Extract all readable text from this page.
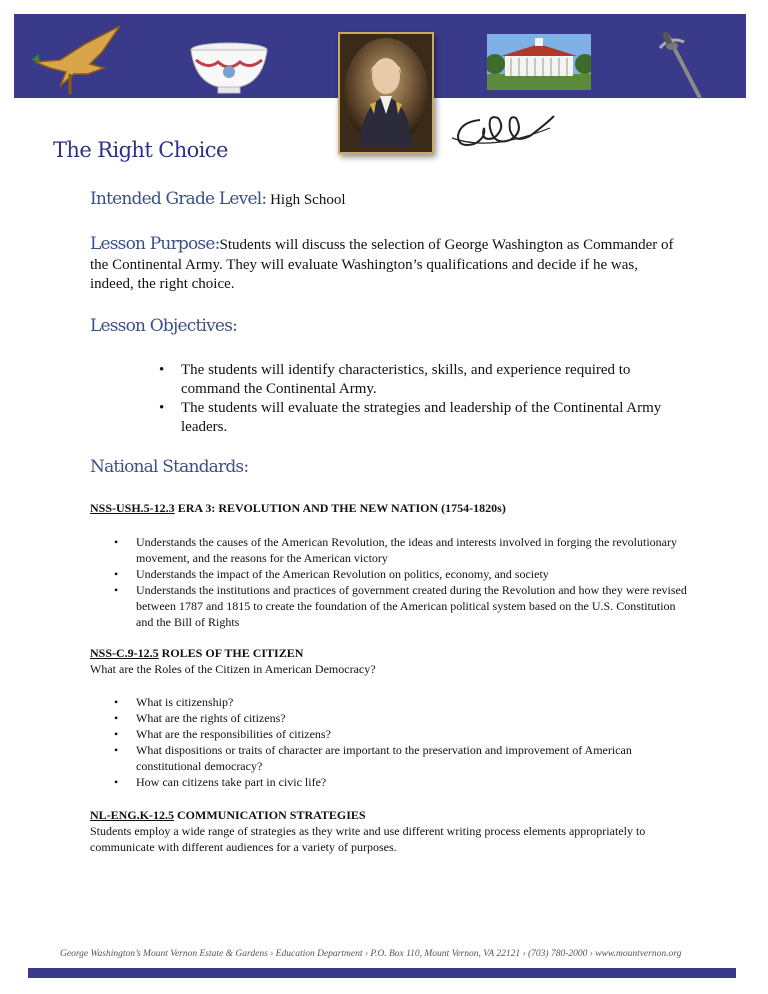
The Right Choice
Intended Grade Level: High School
Lesson Purpose:Students will discuss the selection of George Washington as Commander of the Continental Army. They will evaluate Washington’s qualifications and decide if he was, indeed, the right choice.
Lesson Objectives:
• The students will identify characteristics, skills, and experience required to command the Continental Army.
• The students will evaluate the strategies and leadership of the Continental Army leaders.
National Standards:
NSS-USH.5-12.3 ERA 3: REVOLUTION AND THE NEW NATION (1754-1820s)
• Understands the causes of the American Revolution, the ideas and interests involved in forging the revolutionary movement, and the reasons for the American victory
• Understands the impact of the American Revolution on politics, economy, and society
• Understands the institutions and practices of government created during the Revolution and how they were revised between 1787 and 1815 to create the foundation of the American political system based on the U.S. Constitution and the Bill of Rights
NSS-C.9-12.5 ROLES OF THE CITIZEN
What are the Roles of the Citizen in American Democracy?
• What is citizenship?
• What are the rights of citizens?
• What are the responsibilities of citizens?
• What dispositions or traits of character are important to the preservation and improvement of American constitutional democracy?
• How can citizens take part in civic life?
NL-ENG.K-12.5 COMMUNICATION STRATEGIES
Students employ a wide range of strategies as they write and use different writing process elements appropriately to communicate with different audiences for a variety of purposes.
George Washington’s Mount Vernon Estate & Gardens › Education Department › P.O. Box 110, Mount Vernon, VA 22121 › (703) 780-2000 › www.mountvernon.org
